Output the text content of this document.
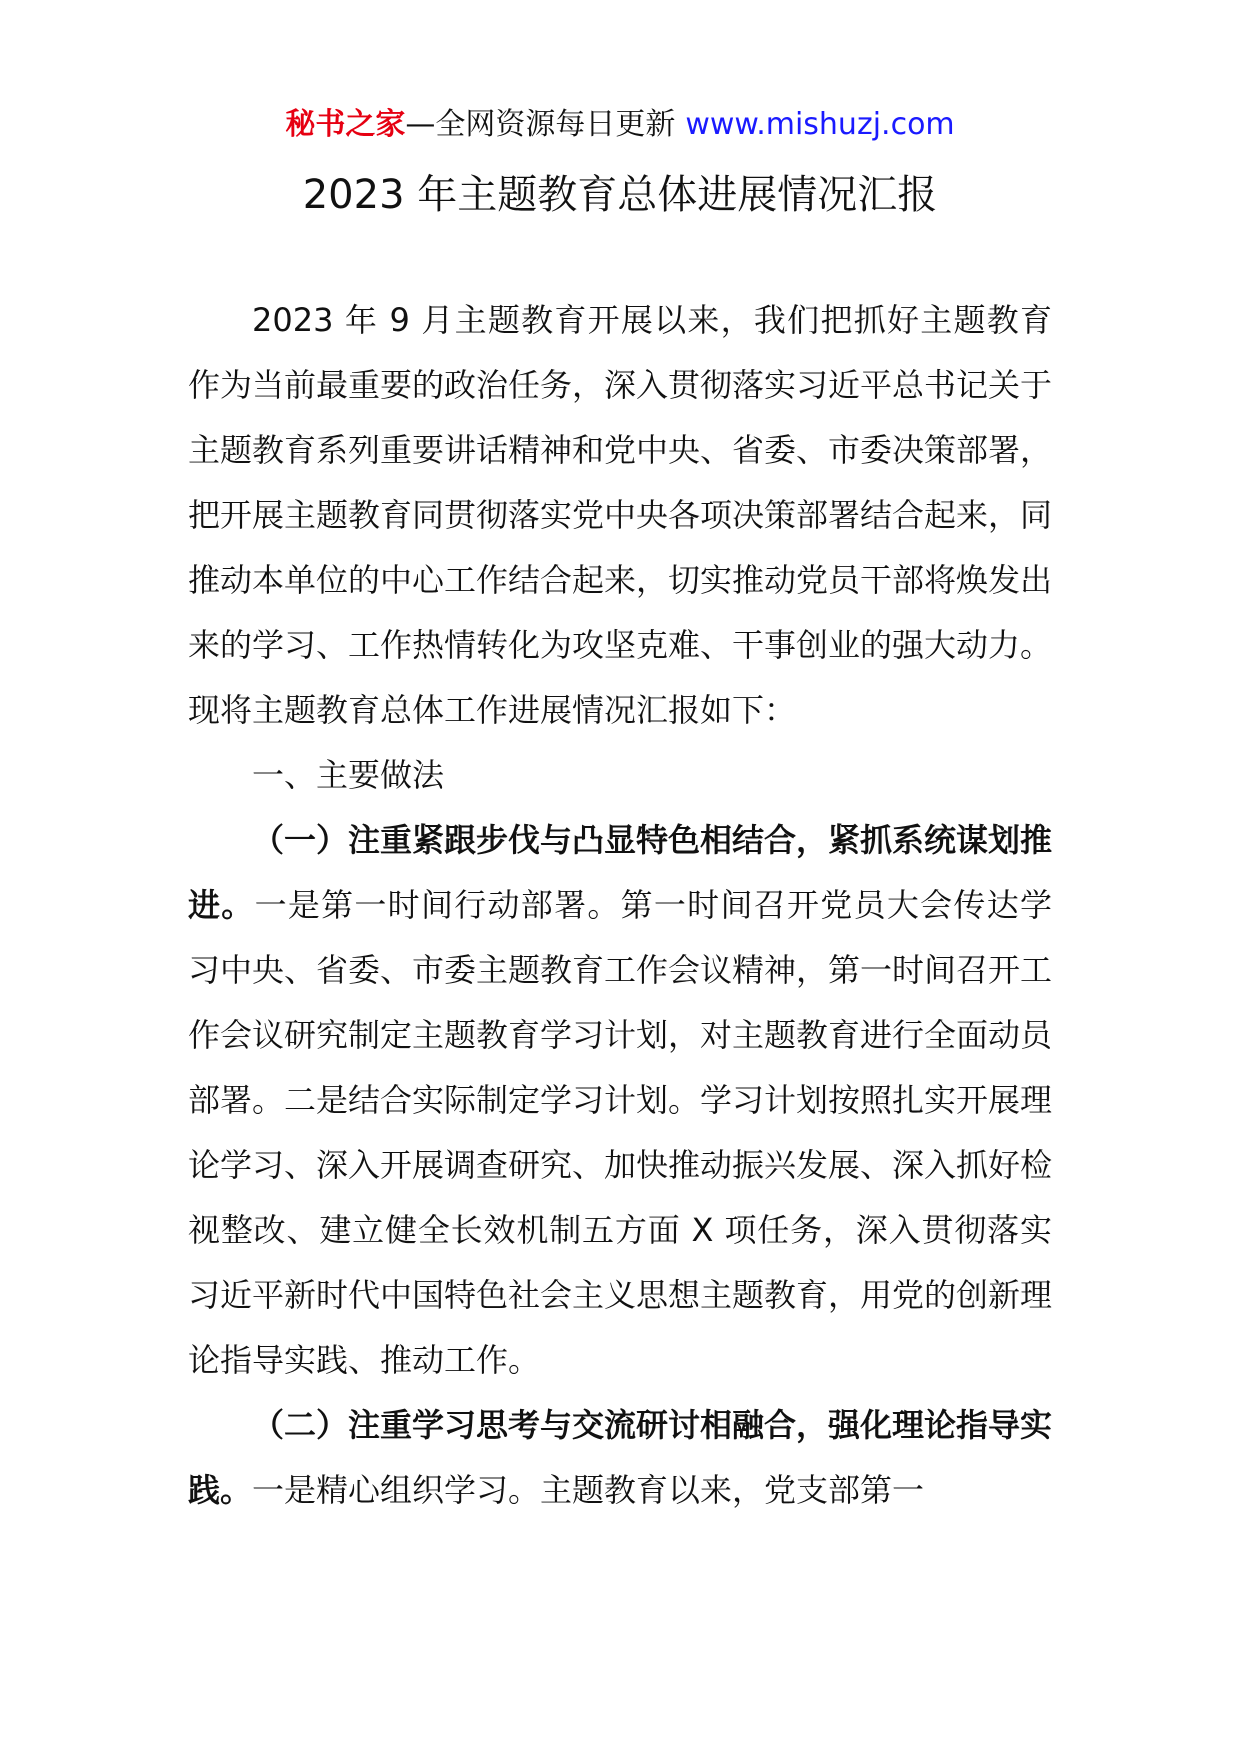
秘书之家—全网资源每日更新 www.mishuzj.com
2023 年主题教育总体进展情况汇报

2023 年 9 月主题教育开展以来，我们把抓好主题教育作为当前最重要的政治任务，深入贯彻落实习近平总书记关于主题教育系列重要讲话精神和党中央、省委、市委决策部署，把开展主题教育同贯彻落实党中央各项决策部署结合起来，同推动本单位的中心工作结合起来，切实推动党员干部将焕发出来的学习、工作热情转化为攻坚克难、干事创业的强大动力。现将主题教育总体工作进展情况汇报如下：

一、主要做法

（一）注重紧跟步伐与凸显特色相结合，紧抓系统谋划推进。一是第一时间行动部署。第一时间召开党员大会传达学习中央、省委、市委主题教育工作会议精神，第一时间召开工作会议研究制定主题教育学习计划，对主题教育进行全面动员部署。二是结合实际制定学习计划。学习计划按照扎实开展理论学习、深入开展调查研究、加快推动振兴发展、深入抓好检视整改、建立健全长效机制五方面 X 项任务，深入贯彻落实习近平新时代中国特色社会主义思想主题教育，用党的创新理论指导实践、推动工作。

（二）注重学习思考与交流研讨相融合，强化理论指导实践。一是精心组织学习。主题教育以来，党支部第一
